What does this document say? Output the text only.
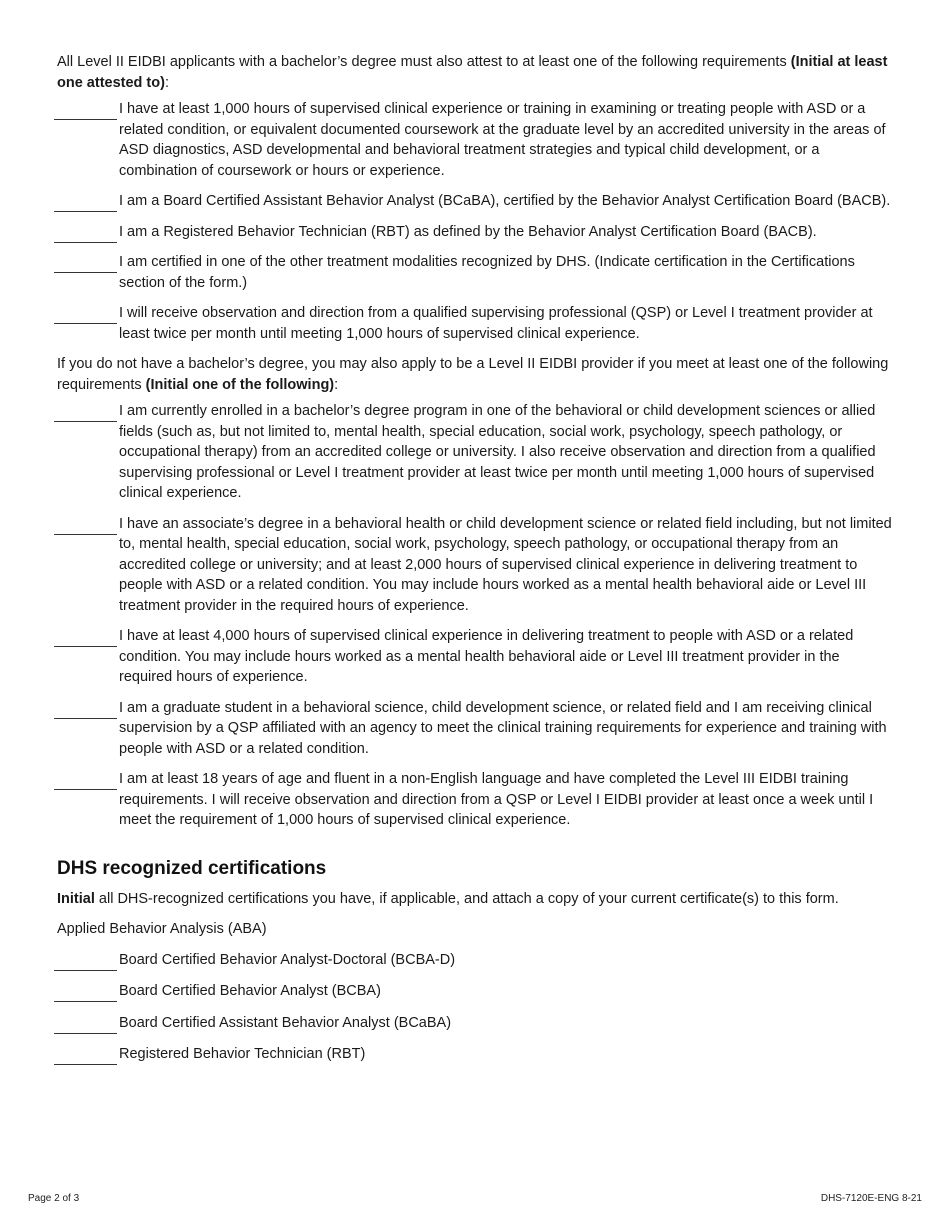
All Level II EIDBI applicants with a bachelor’s degree must also attest to at least one of the following requirements (Initial at least one attested to):

I have at least 1,000 hours of supervised clinical experience or training in examining or treating people with ASD or a related condition, or equivalent documented coursework at the graduate level by an accredited university in the areas of ASD diagnostics, ASD developmental and behavioral treatment strategies and typical child development, or a combination of coursework or hours or experience.
I am a Board Certified Assistant Behavior Analyst (BCaBA), certified by the Behavior Analyst Certification Board (BACB).
I am a Registered Behavior Technician (RBT) as defined by the Behavior Analyst Certification Board (BACB).
I am certified in one of the other treatment modalities recognized by DHS. (Indicate certification in the Certifications section of the form.)
I will receive observation and direction from a qualified supervising professional (QSP) or Level I treatment provider at least twice per month until meeting 1,000 hours of supervised clinical experience.

If you do not have a bachelor’s degree, you may also apply to be a Level II EIDBI provider if you meet at least one of the following requirements (Initial one of the following):

I am currently enrolled in a bachelor’s degree program in one of the behavioral or child development sciences or allied fields (such as, but not limited to, mental health, special education, social work, psychology, speech pathology, or occupational therapy) from an accredited college or university. I also receive observation and direction from a qualified supervising professional or Level I treatment provider at least twice per month until meeting 1,000 hours of supervised clinical experience.
I have an associate’s degree in a behavioral health or child development science or related field including, but not limited to, mental health, special education, social work, psychology, speech pathology, or occupational therapy from an accredited college or university; and at least 2,000 hours of supervised clinical experience in delivering treatment to people with ASD or a related condition. You may include hours worked as a mental health behavioral aide or Level III treatment provider in the required hours of experience.
I have at least 4,000 hours of supervised clinical experience in delivering treatment to people with ASD or a related condition. You may include hours worked as a mental health behavioral aide or Level III treatment provider in the required hours of experience.
I am a graduate student in a behavioral science, child development science, or related field and I am receiving clinical supervision by a QSP affiliated with an agency to meet the clinical training requirements for experience and training with people with ASD or a related condition.
I am at least 18 years of age and fluent in a non-English language and have completed the Level III EIDBI training requirements. I will receive observation and direction from a QSP or Level I EIDBI provider at least once a week until I meet the requirement of 1,000 hours of supervised clinical experience.
DHS recognized certifications

Initial all DHS-recognized certifications you have, if applicable, and attach a copy of your current certificate(s) to this form.

Applied Behavior Analysis (ABA)
Board Certified Behavior Analyst-Doctoral (BCBA-D)
Board Certified Behavior Analyst (BCBA)
Board Certified Assistant Behavior Analyst (BCaBA)
Registered Behavior Technician (RBT)
Page 2 of 3	DHS-7120E-ENG 8-21
